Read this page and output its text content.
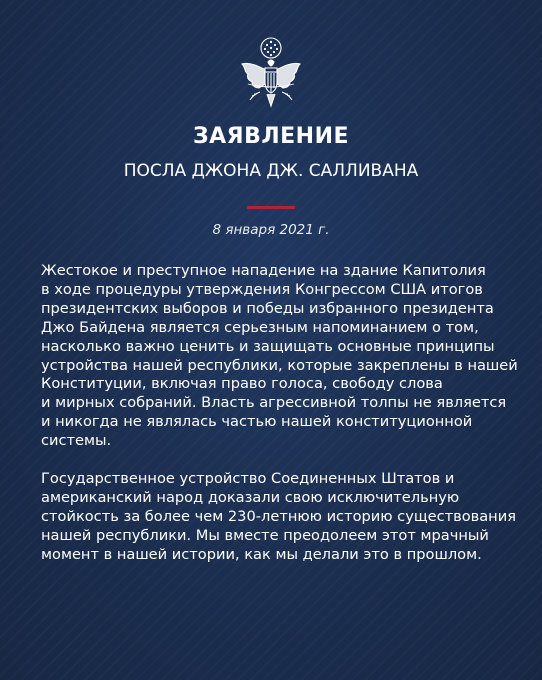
ЗАЯВЛЕНИЕ
ПОСЛА ДЖОНА ДЖ. САЛЛИВАНА
8 января 2021 г.

Жестокое и преступное нападение на здание Капитолия
в ходе процедуры утверждения Конгрессом США итогов
президентских выборов и победы избранного президента
Джо Байдена является серьезным напоминанием о том,
насколько важно ценить и защищать основные принципы
устройства нашей республики, которые закреплены в нашей
Конституции, включая право голоса, свободу слова
и мирных собраний. Власть агрессивной толпы не является
и никогда не являлась частью нашей конституционной
системы.

Государственное устройство Соединенных Штатов и
американский народ доказали свою исключительную
стойкость за более чем 230-летнюю историю существования
нашей республики. Мы вместе преодолеем этот мрачный
момент в нашей истории, как мы делали это в прошлом.
